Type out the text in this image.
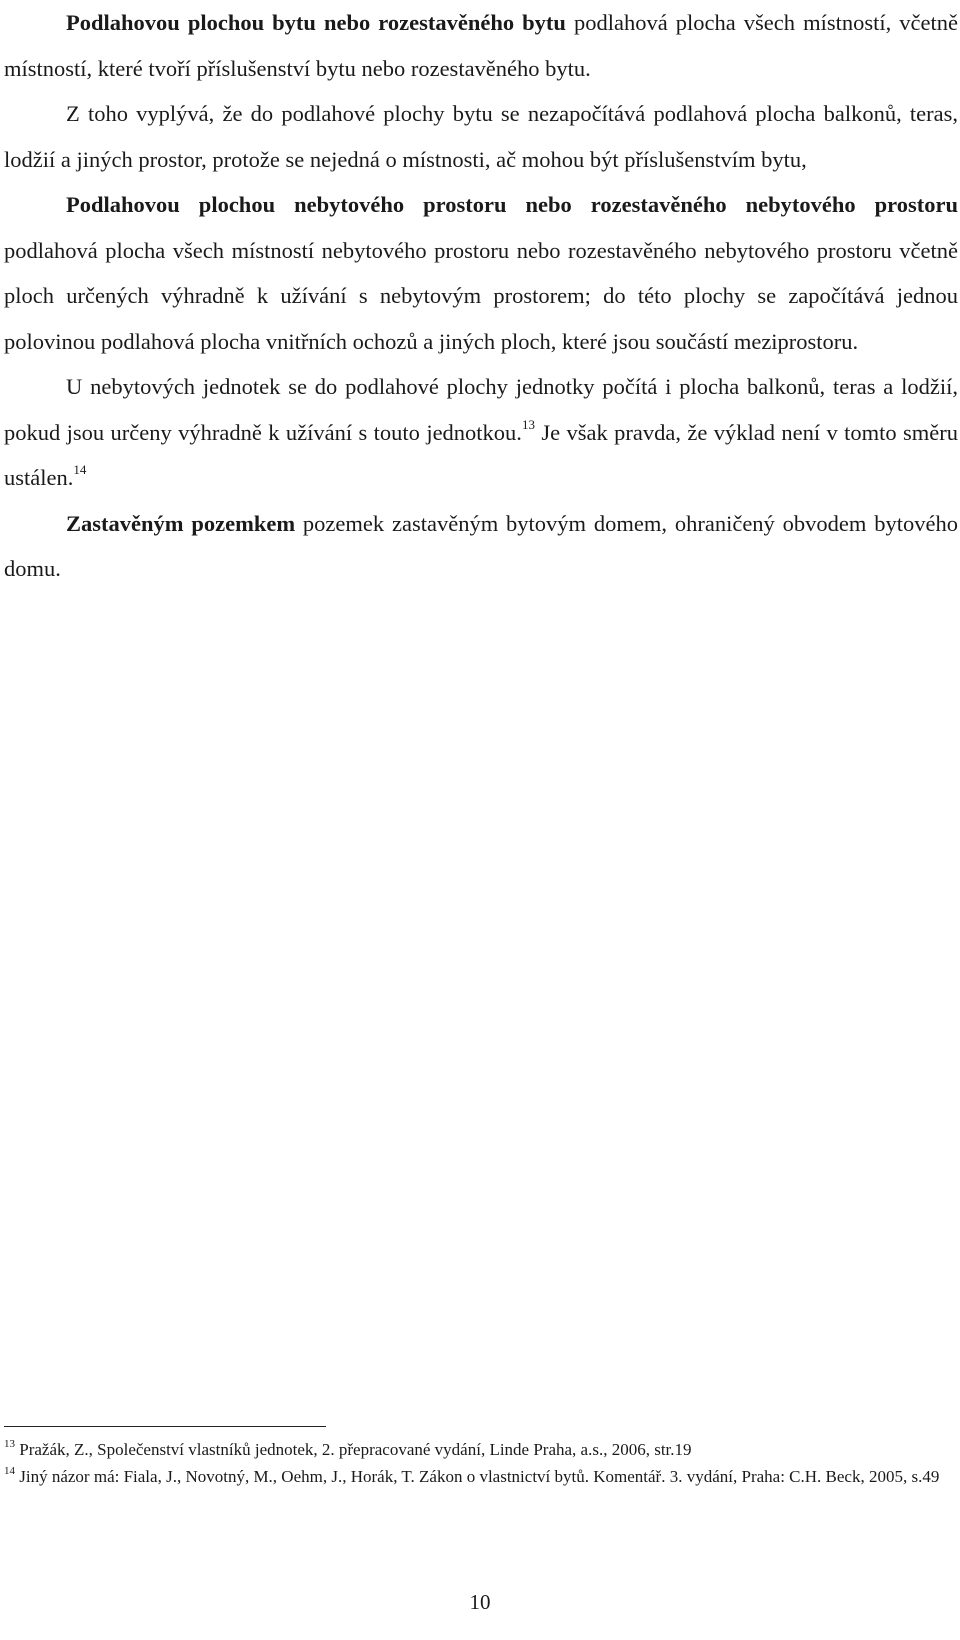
Podlahovou plochou bytu nebo rozestavěného bytu podlahová plocha všech místností, včetně místností, které tvoří příslušenství bytu nebo rozestavěného bytu.

Z toho vyplývá, že do podlahové plochy bytu se nezapočítává podlahová plocha balkonů, teras, lodžií a jiných prostor, protože se nejedná o místnosti, ač mohou být příslušenstvím bytu,

Podlahovou plochou nebytového prostoru nebo rozestavěného nebytového prostoru podlahová plocha všech místností nebytového prostoru nebo rozestavěného nebytového prostoru včetně ploch určených výhradně k užívání s nebytovým prostorem; do této plochy se započítává jednou polovinou podlahová plocha vnitřních ochozů a jiných ploch, které jsou součástí meziprostoru.

U nebytových jednotek se do podlahové plochy jednotky počítá i plocha balkonů, teras a lodžií, pokud jsou určeny výhradně k užívání s touto jednotkou.$^{13}$ Je však pravda, že výklad není v tomto směru ustálen.$^{14}$

Zastavěným pozemkem pozemek zastavěným bytovým domem, ohraničený obvodem bytového domu.

$^{13}$ Pražák, Z., Společenství vlastníků jednotek, 2. přepracované vydání, Linde Praha, a.s., 2006, str.19

$^{14}$ Jiný názor má: Fiala, J., Novotný, M., Oehm, J., Horák, T. Zákon o vlastnictví bytů. Komentář. 3. vydání, Praha: C.H. Beck, 2005, s.49

10
